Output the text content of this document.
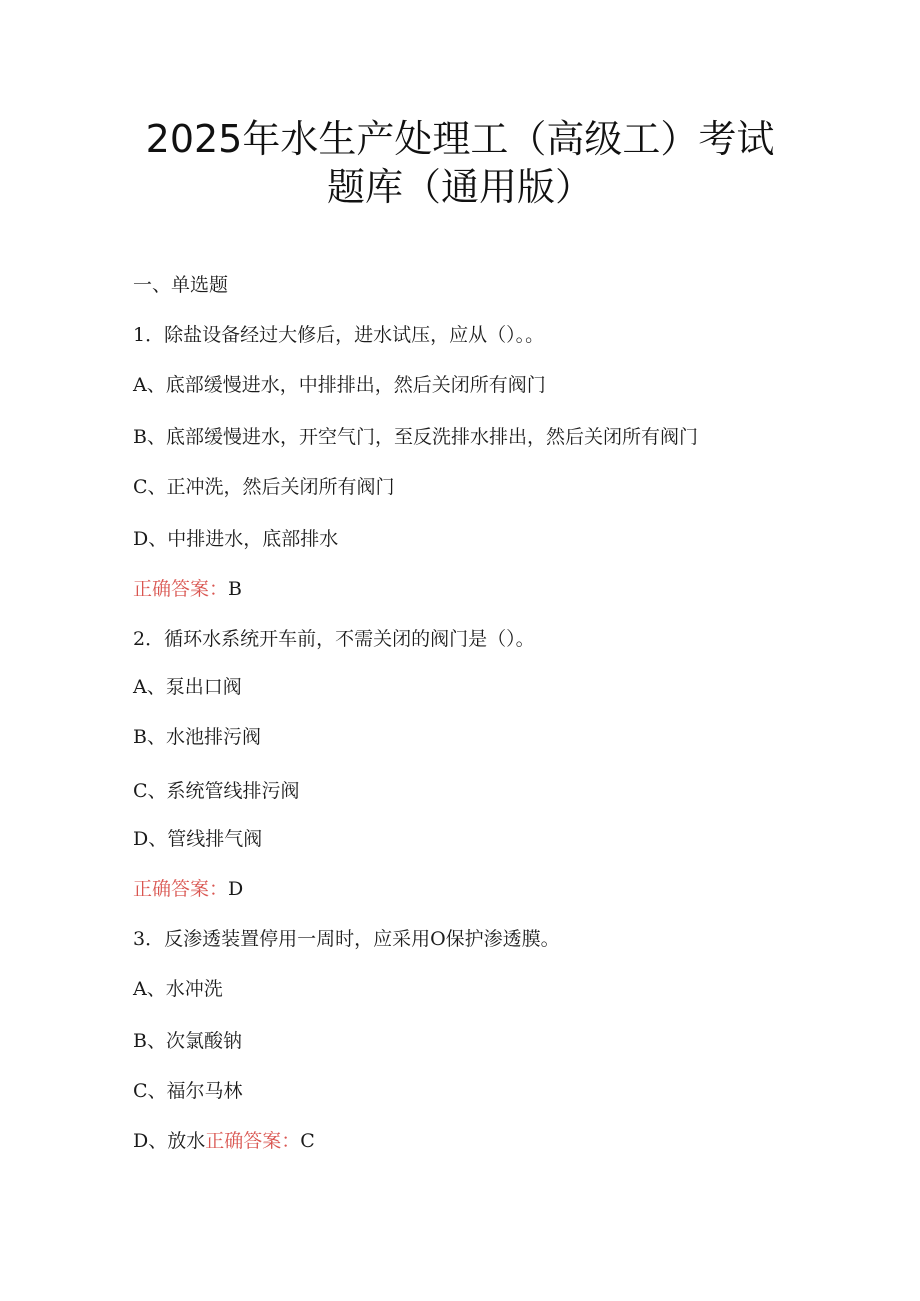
2025年水生产处理工（高级工）考试
题库（通用版）
一、单选题
1．除盐设备经过大修后，进水试压，应从（）。。
A、底部缓慢进水，中排排出，然后关闭所有阀门
B、底部缓慢进水，开空气门，至反洗排水排出，然后关闭所有阀门
C、正冲洗，然后关闭所有阀门
D、中排进水，底部排水
正确答案：B
2．循环水系统开车前，不需关闭的阀门是（）。
A、泵出口阀
B、水池排污阀
C、系统管线排污阀
D、管线排气阀
正确答案：D
3．反渗透装置停用一周时，应采用O保护渗透膜。
A、水冲洗
B、次氯酸钠
C、福尔马林
D、放水正确答案：C
